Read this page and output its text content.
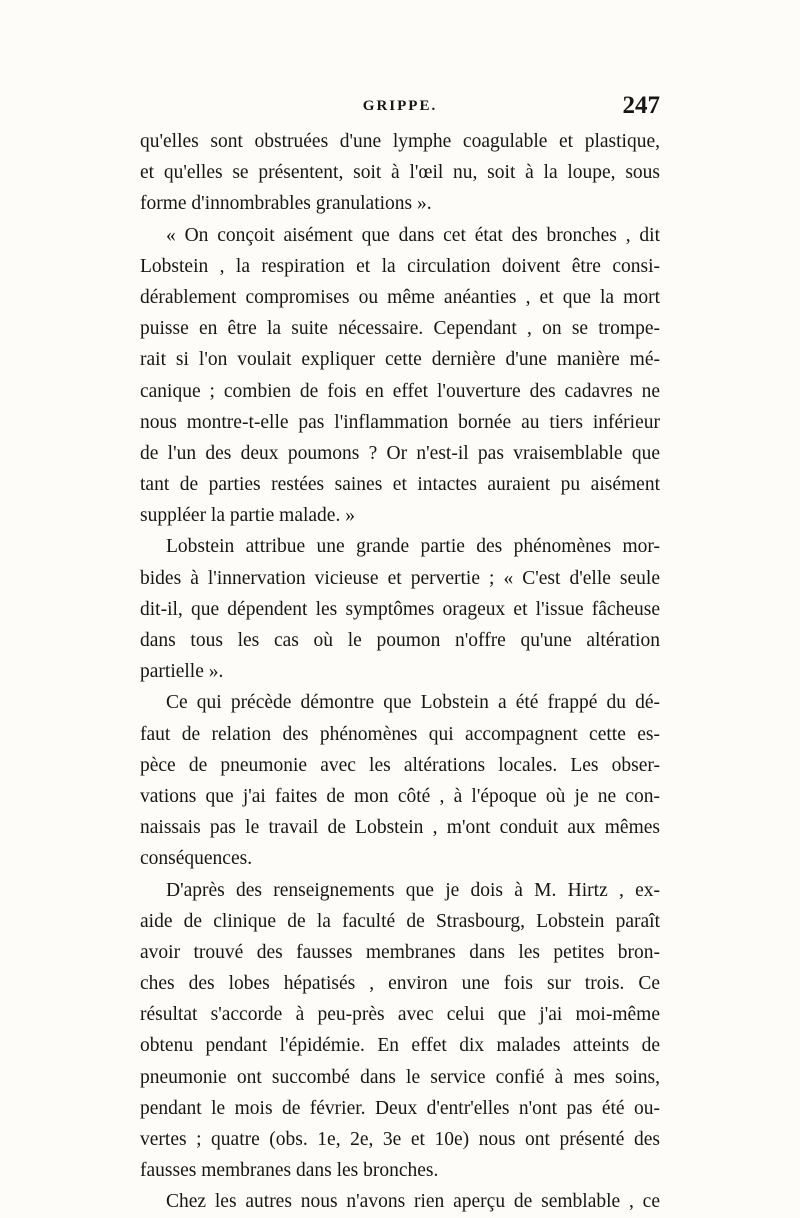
GRIPPE.	247
qu'elles sont obstruées d'une lymphe coagulable et plastique,
et qu'elles se présentent, soit à l'œil nu, soit à la loupe, sous
forme d'innombrables granulations ».
« On conçoit aisément que dans cet état des bronches , dit
Lobstein , la respiration et la circulation doivent être consi-
dérablement compromises ou même anéanties , et que la mort
puisse en être la suite nécessaire. Cependant , on se trompe-
rait si l'on voulait expliquer cette dernière d'une manière mé-
canique ; combien de fois en effet l'ouverture des cadavres ne
nous montre-t-elle pas l'inflammation bornée au tiers inférieur
de l'un des deux poumons ? Or n'est-il pas vraisemblable que
tant de parties restées saines et intactes auraient pu aisément
suppléer la partie malade. »
Lobstein attribue une grande partie des phénomènes mor-
bides à l'innervation vicieuse et pervertie ; « C'est d'elle seule
dit-il, que dépendent les symptômes orageux et l'issue fâcheuse
dans tous les cas où le poumon n'offre qu'une altération
partielle ».
Ce qui précède démontre que Lobstein a été frappé du dé-
faut de relation des phénomènes qui accompagnent cette es-
pèce de pneumonie avec les altérations locales. Les obser-
vations que j'ai faites de mon côté , à l'époque où je ne con-
naissais pas le travail de Lobstein , m'ont conduit aux mêmes
conséquences.
D'après des renseignements que je dois à M. Hirtz , ex-
aide de clinique de la faculté de Strasbourg, Lobstein paraît
avoir trouvé des fausses membranes dans les petites bron-
ches des lobes hépatisés , environ une fois sur trois. Ce
résultat s'accorde à peu-près avec celui que j'ai moi-même
obtenu pendant l'épidémie. En effet dix malades atteints de
pneumonie ont succombé dans le service confié à mes soins,
pendant le mois de février. Deux d'entr'elles n'ont pas été ou-
vertes ; quatre (obs. 1e, 2e, 3e et 10e) nous ont présenté des
fausses membranes dans les bronches.
Chez les autres nous n'avons rien aperçu de semblable , ce
